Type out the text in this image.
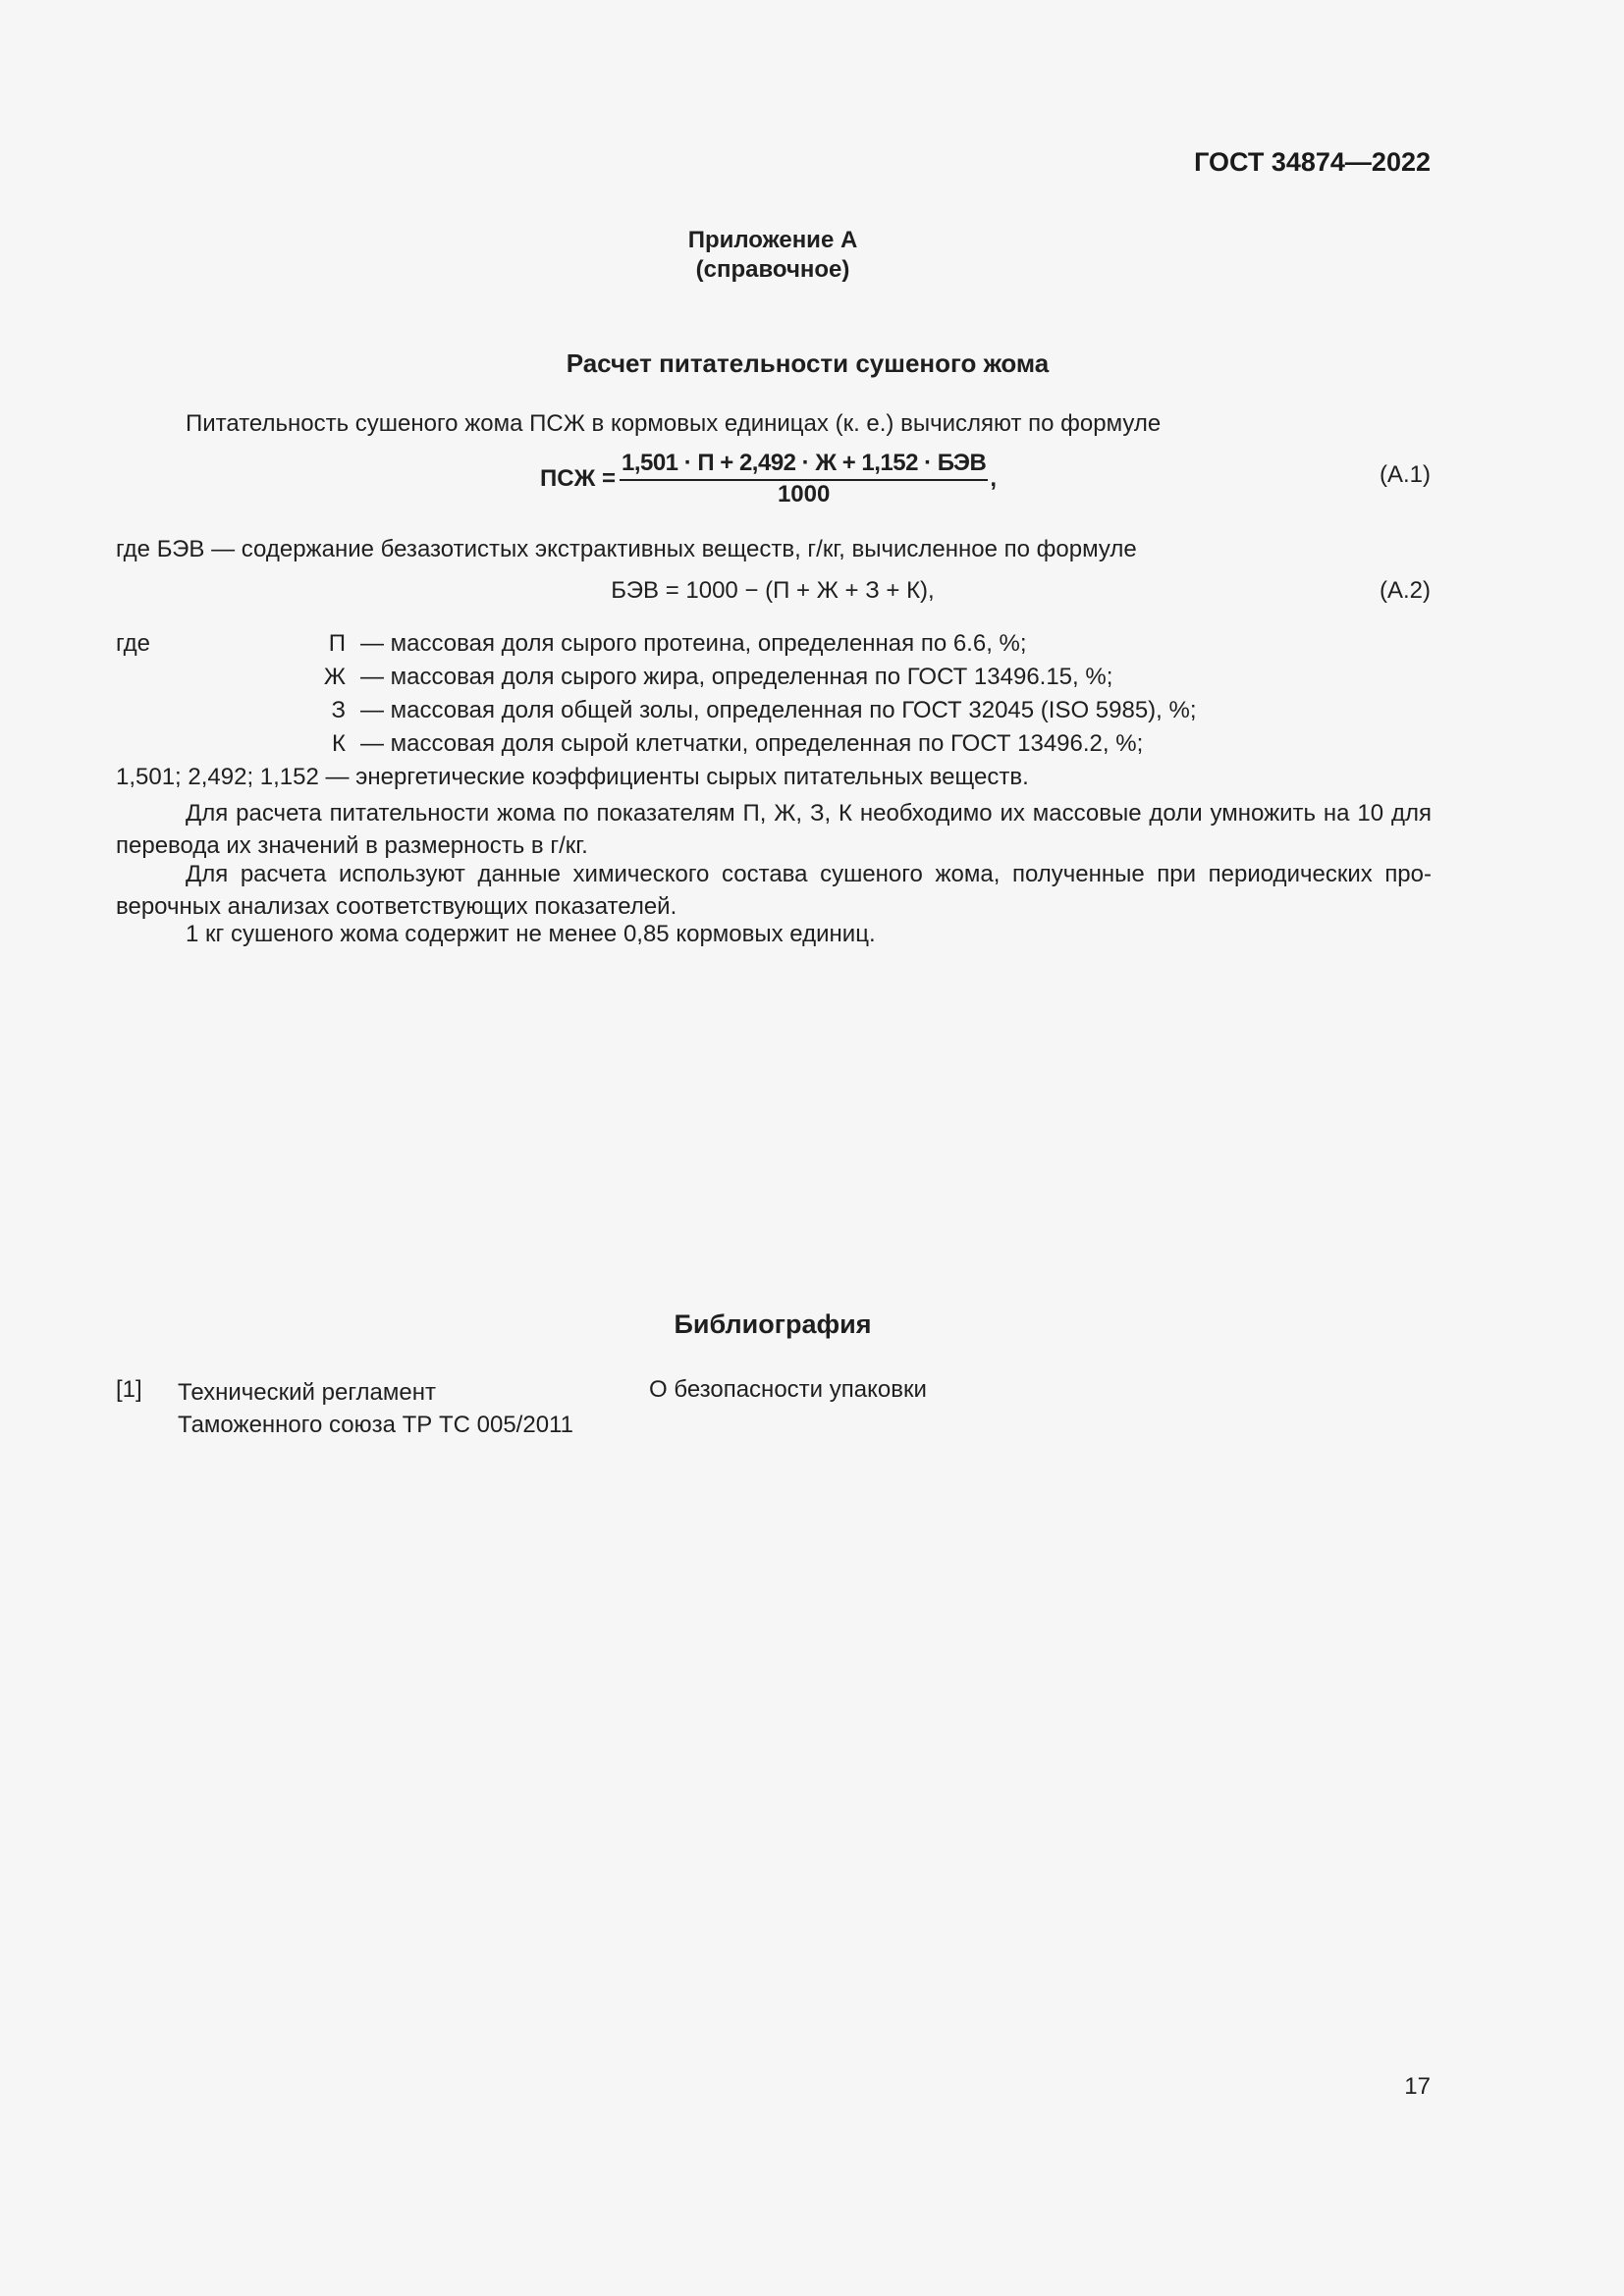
ГОСТ 34874—2022
Приложение А
(справочное)
Расчет питательности сушеного жома
Питательность сушеного жома ПСЖ в кормовых единицах (к. е.) вычисляют по формуле
ПСЖ = $\frac{\text{1,501 · П + 2,492 · Ж + 1,152 · БЭВ}}{1000}$ ,	(А.1)
где БЭВ — содержание безазотистых экстрактивных веществ, г/кг, вычисленное по формуле
БЭВ = 1000 − (П + Ж + З + К),	(А.2)
где	П — массовая доля сырого протеина, определенная по 6.6, %;
Ж — массовая доля сырого жира, определенная по ГОСТ 13496.15, %;
З — массовая доля общей золы, определенная по ГОСТ 32045 (ISO 5985), %;
К — массовая доля сырой клетчатки, определенная по ГОСТ 13496.2, %;
1,501; 2,492; 1,152 — энергетические коэффициенты сырых питательных веществ.
Для расчета питательности жома по показателям П, Ж, З, К необходимо их массовые доли умножить на 10 для перевода их значений в размерность в г/кг.
Для расчета используют данные химического состава сушеного жома, полученные при периодических про-верочных анализах соответствующих показателей.
1 кг сушеного жома содержит не менее 0,85 кормовых единиц.
Библиография
[1] Технический регламент
Таможенного союза ТР ТС 005/2011
О безопасности упаковки
17
